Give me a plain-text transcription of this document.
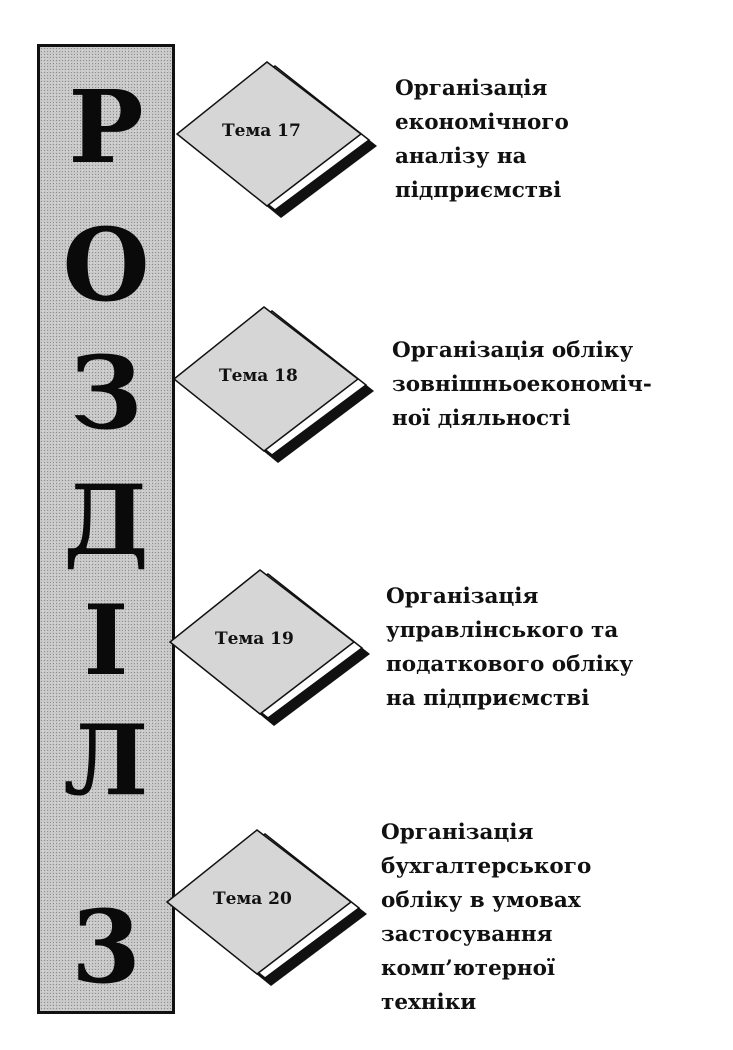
Р
О
З
Д
І
Л
3
Тема 17
Організація
економічного
аналізу на
підприємстві
Тема 18
Організація обліку
зовнішньоекономіч-
ної діяльності
Тема 19
Організація
управлінського та
податкового обліку
на підприємстві
Тема 20
Організація
бухгалтерського
обліку в умовах
застосування
комп’ютерної
техніки
